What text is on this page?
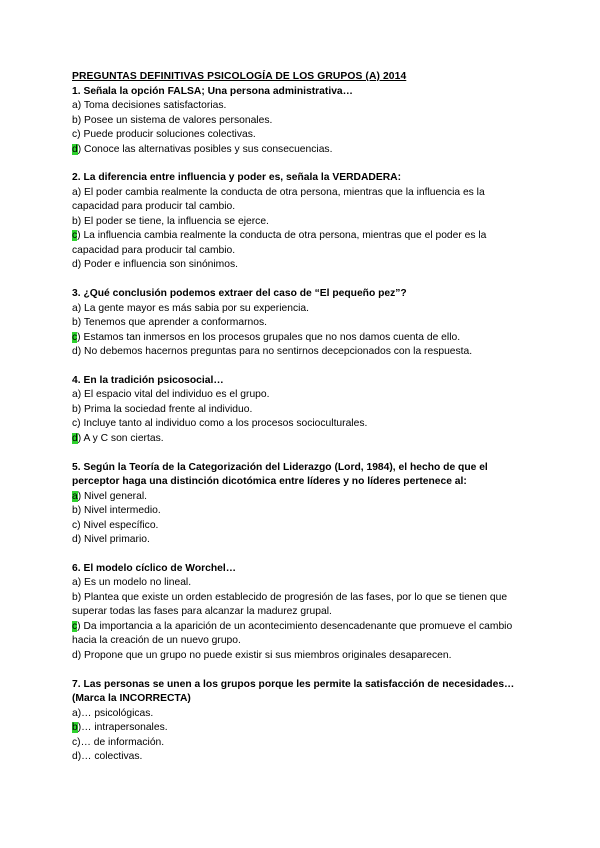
PREGUNTAS DEFINITIVAS PSICOLOGÍA DE LOS GRUPOS (A) 2014

1. Señala la opción FALSA; Una persona administrativa…

a) Toma decisiones satisfactorias.

b) Posee un sistema de valores personales.

c) Puede producir soluciones colectivas.

d) Conoce las alternativas posibles y sus consecuencias.

2. La diferencia entre influencia y poder es, señala la VERDADERA:

a) El poder cambia realmente la conducta de otra persona, mientras que la influencia es la capacidad para producir tal cambio.

b) El poder se tiene, la influencia se ejerce.

c) La influencia cambia realmente la conducta de otra persona, mientras que el poder es la capacidad para producir tal cambio.

d) Poder e influencia son sinónimos.

3. ¿Qué conclusión podemos extraer del caso de “El pequeño pez”?

a) La gente mayor es más sabia por su experiencia.

b) Tenemos que aprender a conformarnos.

c) Estamos tan inmersos en los procesos grupales que no nos damos cuenta de ello.

d) No debemos hacernos preguntas para no sentirnos decepcionados con la respuesta.

4. En la tradición psicosocial…

a) El espacio vital del individuo es el grupo.

b) Prima la sociedad frente al individuo.

c) Incluye tanto al individuo como a los procesos socioculturales.

d) A y C son ciertas.

5. Según la Teoría de la Categorización del Liderazgo (Lord, 1984), el hecho de que el perceptor haga una distinción dicotómica entre líderes y no líderes pertenece al:

a) Nivel general.

b) Nivel intermedio.

c) Nivel específico.

d) Nivel primario.

6. El modelo cíclico de Worchel…

a) Es un modelo no lineal.

b) Plantea que existe un orden establecido de progresión de las fases, por lo que se tienen que superar todas las fases para alcanzar la madurez grupal.

c) Da importancia a la aparición de un acontecimiento desencadenante que promueve el cambio hacia la creación de un nuevo grupo.

d) Propone que un grupo no puede existir si sus miembros originales desaparecen.

7. Las personas se unen a los grupos porque les permite la satisfacción de necesidades… (Marca la INCORRECTA)

a)… psicológicas.

b)… intrapersonales.

c)… de información.

d)… colectivas.
